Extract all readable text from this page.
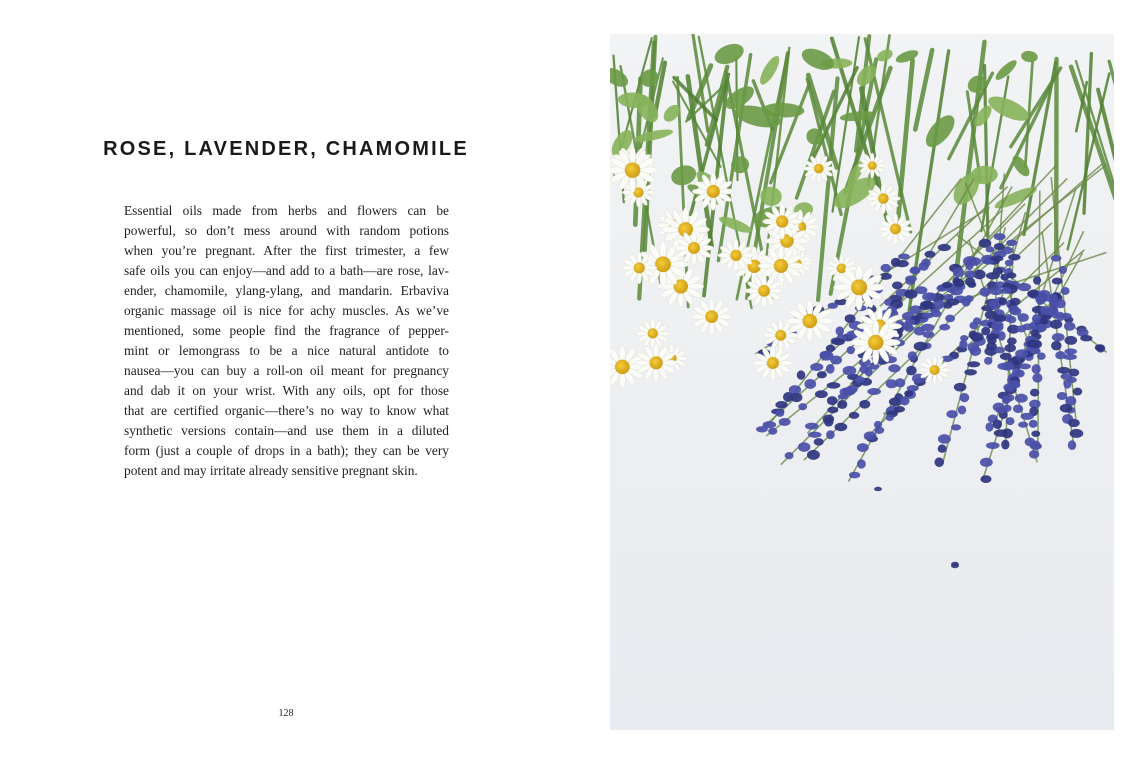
ROSE, LAVENDER, CHAMOMILE
Essential oils made from herbs and flowers can be
powerful, so don’t mess around with random potions
when you’re pregnant. After the first trimester, a few
safe oils you can enjoy—and add to a bath—are rose, lav-
ender, chamomile, ylang-ylang, and mandarin. Erbaviva
organic massage oil is nice for achy muscles. As we’ve
mentioned, some people find the fragrance of pepper-
mint or lemongrass to be a nice natural antidote to
nausea—you can buy a roll-on oil meant for pregnancy
and dab it on your wrist. With any oils, opt for those
that are certified organic—there’s no way to know what
synthetic versions contain—and use them in a diluted
form (just a couple of drops in a bath); they can be very
potent and may irritate already sensitive pregnant skin.
128
